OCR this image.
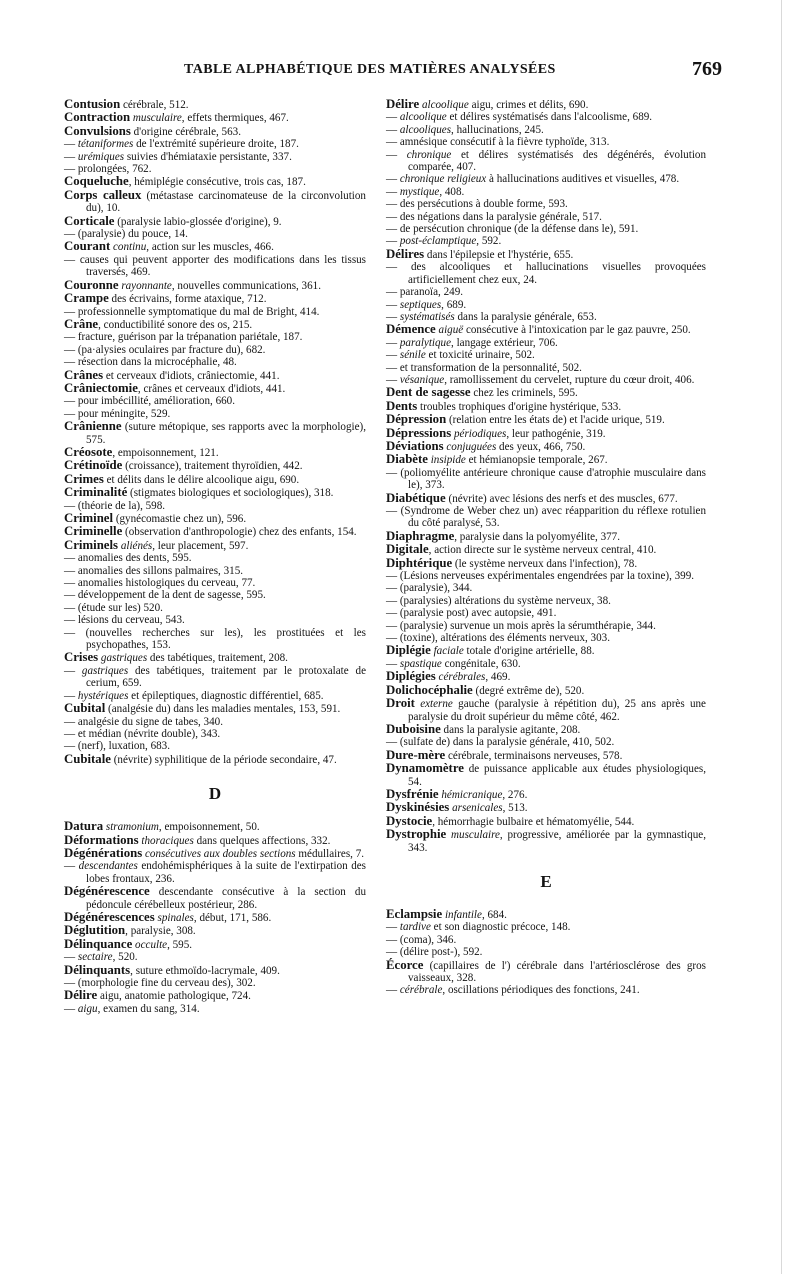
TABLE ALPHABÉTIQUE DES MATIÈRES ANALYSÉES	769
Contusion cérébrale, 512.
Contraction musculaire, effets thermiques, 467.
Convulsions d'origine cérébrale, 563.
— tétaniformes de l'extrémité supérieure droite, 187.
— urémiques suivies d'hémiataxie persistante, 337.
— prolongées, 762.
Coqueluche, hémiplégie consécutive, trois cas, 187.
Corps calleux (métastase carcinomateuse de la circonvolution du), 10.
Corticale (paralysie labio-glossée d'origine), 9.
— (paralysie) du pouce, 14.
Courant continu, action sur les muscles, 466.
— causes qui peuvent apporter des modifications dans les tissus traversés, 469.
Couronne rayonnante, nouvelles communications, 361.
Crampe des écrivains, forme ataxique, 712.
— professionnelle symptomatique du mal de Bright, 414.
Crâne, conductibilité sonore des os, 215.
— fracture, guérison par la trépanation pariétale, 187.
— (pa·alysies oculaires par fracture du), 682.
— résection dans la microcéphalie, 48.
Crânes et cerveaux d'idiots, crâniectomie, 441.
Crâniectomie, crânes et cerveaux d'idiots, 441.
— pour imbécillité, amélioration, 660.
— pour méningite, 529.
Crânienne (suture métopique, ses rapports avec la morphologie), 575.
Créosote, empoisonnement, 121.
Crétinoïde (croissance), traitement thyroïdien, 442.
Crimes et délits dans le délire alcoolique aigu, 690.
Criminalité (stigmates biologiques et sociologiques), 318.
— (théorie de la), 598.
Criminel (gynécomastie chez un), 596.
Criminelle (observation d'anthropologie) chez des enfants, 154.
Criminels aliénés, leur placement, 597.
— anomalies des dents, 595.
— anomalies des sillons palmaires, 315.
— anomalies histologiques du cerveau, 77.
— développement de la dent de sagesse, 595.
— (étude sur les) 520.
— lésions du cerveau, 543.
— (nouvelles recherches sur les), les prostituées et les psychopathes, 153.
Crises gastriques des tabétiques, traitement, 208.
— gastriques des tabétiques, traitement par le protoxalate de cerium, 659.
— hystériques et épileptiques, diagnostic différentiel, 685.
Cubital (analgésie du) dans les maladies mentales, 153, 591.
— analgésie du signe de tabes, 340.
— et médian (névrite double), 343.
— (nerf), luxation, 683.
Cubitale (névrite) syphilitique de la période secondaire, 47.
D
Datura stramonium, empoisonnement, 50.
Déformations thoraciques dans quelques affections, 332.
Dégénérations consécutives aux doubles sections médullaires, 7.
— descendantes endohémisphériques à la suite de l'extirpation des lobes frontaux, 236.
Dégénérescence descendante consécutive à la section du pédoncule cérébelleux postérieur, 286.
Dégénérescences spinales, début, 171, 586.
Déglutition, paralysie, 308.
Délinquance occulte, 595.
— sectaire, 520.
Délinquants, suture ethmoïdo-lacrymale, 409.
— (morphologie fine du cerveau des), 302.
Délire aigu, anatomie pathologique, 724.
— aigu, examen du sang, 314.
Délire alcoolique aigu, crimes et délits, 690.
— alcoolique et délires systématisés dans l'alcoolisme, 689.
— alcooliques, hallucinations, 245.
— amnésique consécutif à la fièvre typhoïde, 313.
— chronique et délires systématisés des dégénérés, évolution comparée, 407.
— chronique religieux à hallucinations auditives et visuelles, 478.
— mystique, 408.
— des persécutions à double forme, 593.
— des négations dans la paralysie générale, 517.
— de persécution chronique (de la défense dans le), 591.
— post-éclamptique, 592.
Délires dans l'épilepsie et l'hystérie, 655.
— des alcooliques et hallucinations visuelles provoquées artificiellement chez eux, 24.
— paranoïa, 249.
— septiques, 689.
— systématisés dans la paralysie générale, 653.
Démence aiguë consécutive à l'intoxication par le gaz pauvre, 250.
— paralytique, langage extérieur, 706.
— sénile et toxicité urinaire, 502.
— et transformation de la personnalité, 502.
— vésanique, ramollissement du cervelet, rupture du cœur droit, 406.
Dent de sagesse chez les criminels, 595.
Dents troubles trophiques d'origine hystérique, 533.
Dépression (relation entre les états de) et l'acide urique, 519.
Dépressions périodiques, leur pathogénie, 319.
Déviations conjuguées des yeux, 466, 750.
Diabète insipide et hémianopsie temporale, 267.
— (poliomyélite antérieure chronique cause d'atrophie musculaire dans le), 373.
Diabétique (névrite) avec lésions des nerfs et des muscles, 677.
— (Syndrome de Weber chez un) avec réapparition du réflexe rotulien du côté paralysé, 53.
Diaphragme, paralysie dans la polyomyélite, 377.
Digitale, action directe sur le système nerveux central, 410.
Diphtérique (le système nerveux dans l'infection), 78.
— (Lésions nerveuses expérimentales engendrées par la toxine), 399.
— (paralysie), 344.
— (paralysies) altérations du système nerveux, 38.
— (paralysie post) avec autopsie, 491.
— (paralysie) survenue un mois après la sérumthérapie, 344.
— (toxine), altérations des éléments nerveux, 303.
Diplégie faciale totale d'origine artérielle, 88.
— spastique congénitale, 630.
Diplégies cérébrales, 469.
Dolichocéphalie (degré extrême de), 520.
Droit externe gauche (paralysie à répétition du), 25 ans après une paralysie du droit supérieur du même côté, 462.
Duboisine dans la paralysie agitante, 208.
— (sulfate de) dans la paralysie générale, 410, 502.
Dure-mère cérébrale, terminaisons nerveuses, 578.
Dynamomètre de puissance applicable aux études physiologiques, 54.
Dysfrénie hémicranique, 276.
Dyskinésies arsenicales, 513.
Dystocie, hémorrhagie bulbaire et hématomyélie, 544.
Dystrophie musculaire, progressive, améliorée par la gymnastique, 343.
E
Eclampsie infantile, 684.
— tardive et son diagnostic précoce, 148.
— (coma), 346.
— (délire post-), 592.
Écorce (capillaires de l') cérébrale dans l'artériosclérose des gros vaisseaux, 328.
— cérébrale, oscillations périodiques des fonctions, 241.
